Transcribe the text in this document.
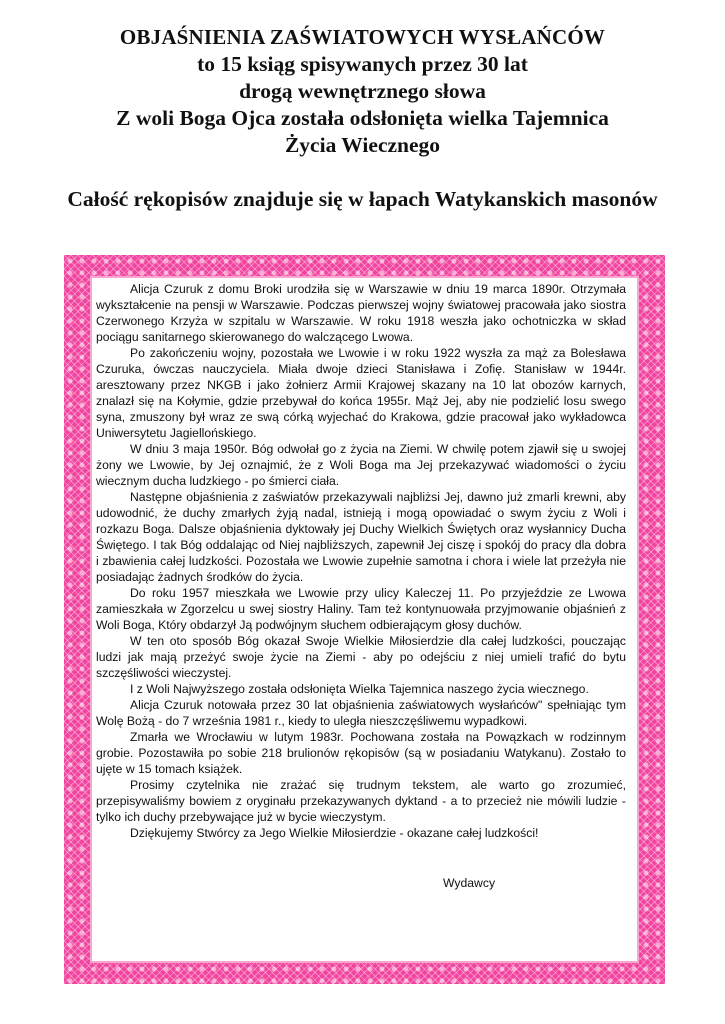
OBJAŚNIENIA ZAŚWIATOWYCH WYSŁAŃCÓW
to 15 ksiąg spisywanych przez 30 lat
drogą wewnętrznego słowa
Z woli Boga Ojca została odsłonięta wielka Tajemnica
Życia Wiecznego
Całość rękopisów znajduje się w łapach Watykanskich masonów

Alicja Czuruk z domu Broki urodziła się w Warszawie w dniu 19 marca 1890r. Otrzymała wykształcenie na pensji w Warszawie. Podczas pierwszej wojny światowej pracowała jako siostra Czerwonego Krzyża w szpitalu w Warszawie. W roku 1918 weszła jako ochotniczka w skład pociągu sanitarnego skierowanego do walczącego Lwowa.

Po zakończeniu wojny, pozostała we Lwowie i w roku 1922 wyszła za mąż za Bolesława Czuruka, ówczas nauczyciela. Miała dwoje dzieci Stanisława i Zofię. Stanisław w 1944r. aresztowany przez NKGB i jako żołnierz Armii Krajowej skazany na 10 lat obozów karnych, znalazł się na Kołymie, gdzie przebywał do końca 1955r. Mąż Jej, aby nie podzielić losu swego syna, zmuszony był wraz ze swą córką wyjechać do Krakowa, gdzie pracował jako wykładowca Uniwersytetu Jagiellońskiego.

W dniu 3 maja 1950r. Bóg odwołał go z życia na Ziemi. W chwilę potem zjawił się u swojej żony we Lwowie, by Jej oznajmić, że z Woli Boga ma Jej przekazywać wiadomości o życiu wiecznym ducha ludzkiego - po śmierci ciała.

Następne objaśnienia z zaświatów przekazywali najbliżsi Jej, dawno już zmarli krewni, aby udowodnić, że duchy zmarłych żyją nadal, istnieją i mogą opowiadać o swym życiu z Woli i rozkazu Boga. Dalsze objaśnienia dyktowały jej Duchy Wielkich Świętych oraz wysłannicy Ducha Świętego. I tak Bóg oddalając od Niej najbliższych, zapewnił Jej ciszę i spokój do pracy dla dobra i zbawienia całej ludzkości. Pozostała we Lwowie zupełnie samotna i chora i wiele lat przeżyła nie posiadając żadnych środków do życia.

Do roku 1957 mieszkała we Lwowie przy ulicy Kaleczej 11. Po przyjeździe ze Lwowa zamieszkała w Zgorzelcu u swej siostry Haliny. Tam też kontynuowała przyjmowanie objaśnień z Woli Boga, Który obdarzył Ją podwójnym słuchem odbierającym głosy duchów.

W ten oto sposób Bóg okazał Swoje Wielkie Miłosierdzie dla całej ludzkości, pouczając ludzi jak mają przeżyć swoje życie na Ziemi - aby po odejściu z niej umieli trafić do bytu szczęśliwości wieczystej.

I z Woli Najwyższego została odsłonięta Wielka Tajemnica naszego życia wiecznego.

Alicja Czuruk notowała przez 30 lat objaśnienia zaświatowych wysłańców" spełniając tym Wolę Bożą - do 7 września 1981 r., kiedy to uległa nieszczęśliwemu wypadkowi.

Zmarła we Wrocławiu w lutym 1983r. Pochowana została na Powązkach w rodzinnym grobie. Pozostawiła po sobie 218 brulionów rękopisów (są w posiadaniu Watykanu). Zostało to ujęte w 15 tomach książek.

Prosimy czytelnika nie zrażać się trudnym tekstem, ale warto go zrozumieć, przepisywaliśmy bowiem z oryginału przekazywanych dyktand - a to przecież nie mówili ludzie - tylko ich duchy przebywające już w bycie wieczystym.

Dziękujemy Stwórcy za Jego Wielkie Miłosierdzie - okazane całej ludzkości!

Wydawcy
